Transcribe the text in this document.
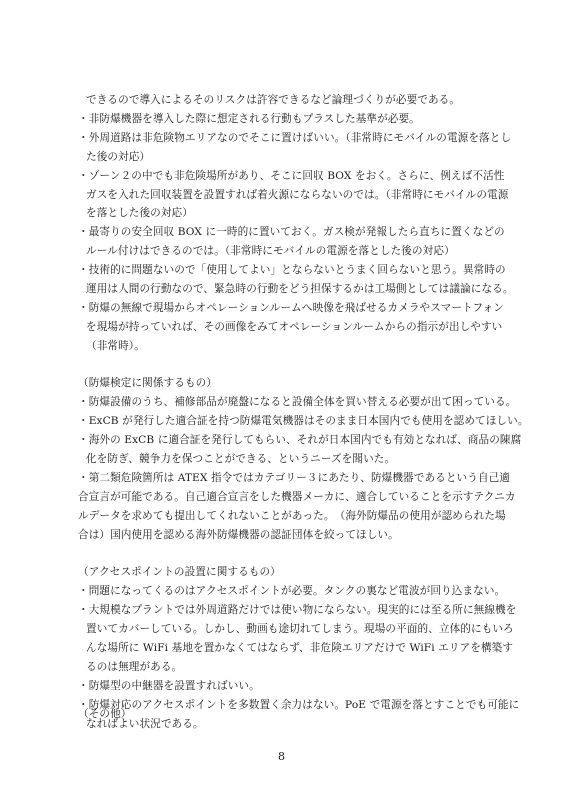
できるので導入によるそのリスクは許容できるなど論理づくりが必要である。
・非防爆機器を導入した際に想定される行動もプラスした基準が必要。
・外周道路は非危険物エリアなのでそこに置けばいい。（非常時にモバイルの電源を落とし
た後の対応）
・ゾーン２の中でも非危険場所があり、そこに回収 BOX をおく。さらに、例えば不活性
ガスを入れた回収装置を設置すれば着火源にならないのでは。（非常時にモバイルの電源
を落とした後の対応）
・最寄りの安全回収 BOX に一時的に置いておく。ガス検が発報したら直ちに置くなどの
ルール付けはできるのでは。（非常時にモバイルの電源を落とした後の対応）
・技術的に問題ないので「使用してよい」とならないとうまく回らないと思う。異常時の
運用は人間の行動なので、緊急時の行動をどう担保するかは工場側としては議論になる。
・防爆の無線で現場からオペレーションルームへ映像を飛ばせるカメラやスマートフォン
を現場が持っていれば、その画像をみてオペレーションルームからの指示が出しやすい
（非常時）。
（防爆検定に関係するもの）
・防爆設備のうち、補修部品が廃盤になると設備全体を買い替える必要が出て困っている。
・ExCB が発行した適合証を持つ防爆電気機器はそのまま日本国内でも使用を認めてほしい。
・海外の ExCB に適合証を発行してもらい、それが日本国内でも有効となれば、商品の陳腐
化を防ぎ、競争力を保つことができる、というニーズを聞いた。
・第二類危険箇所は ATEX 指令ではカテゴリー３にあたり、防爆機器であるという自己適
合宣言が可能である。自己適合宣言をした機器メーカに、適合していることを示すテクニカ
ルデータを求めても提出してくれないことがあった。　（海外防爆品の使用が認められた場
合は）国内使用を認める海外防爆機器の認証団体を絞ってほしい。
（アクセスポイントの設置に関するもの）
・問題になってくるのはアクセスポイントが必要。タンクの裏など電波が回り込まない。
・大規模なプラントでは外周道路だけでは使い物にならない。現実的には至る所に無線機を
置いてカバーしている。しかし、動画も途切れてしまう。現場の平面的、立体的にもいろ
んな場所に WiFi 基地を置かなくてはならず、非危険エリアだけで WiFi エリアを構築す
るのは無理がある。
・防爆型の中継器を設置すればいい。
・防爆対応のアクセスポイントを多数置く余力はない。PoE で電源を落とすことでも可能に
なればよい状況である。
（その他）
8
